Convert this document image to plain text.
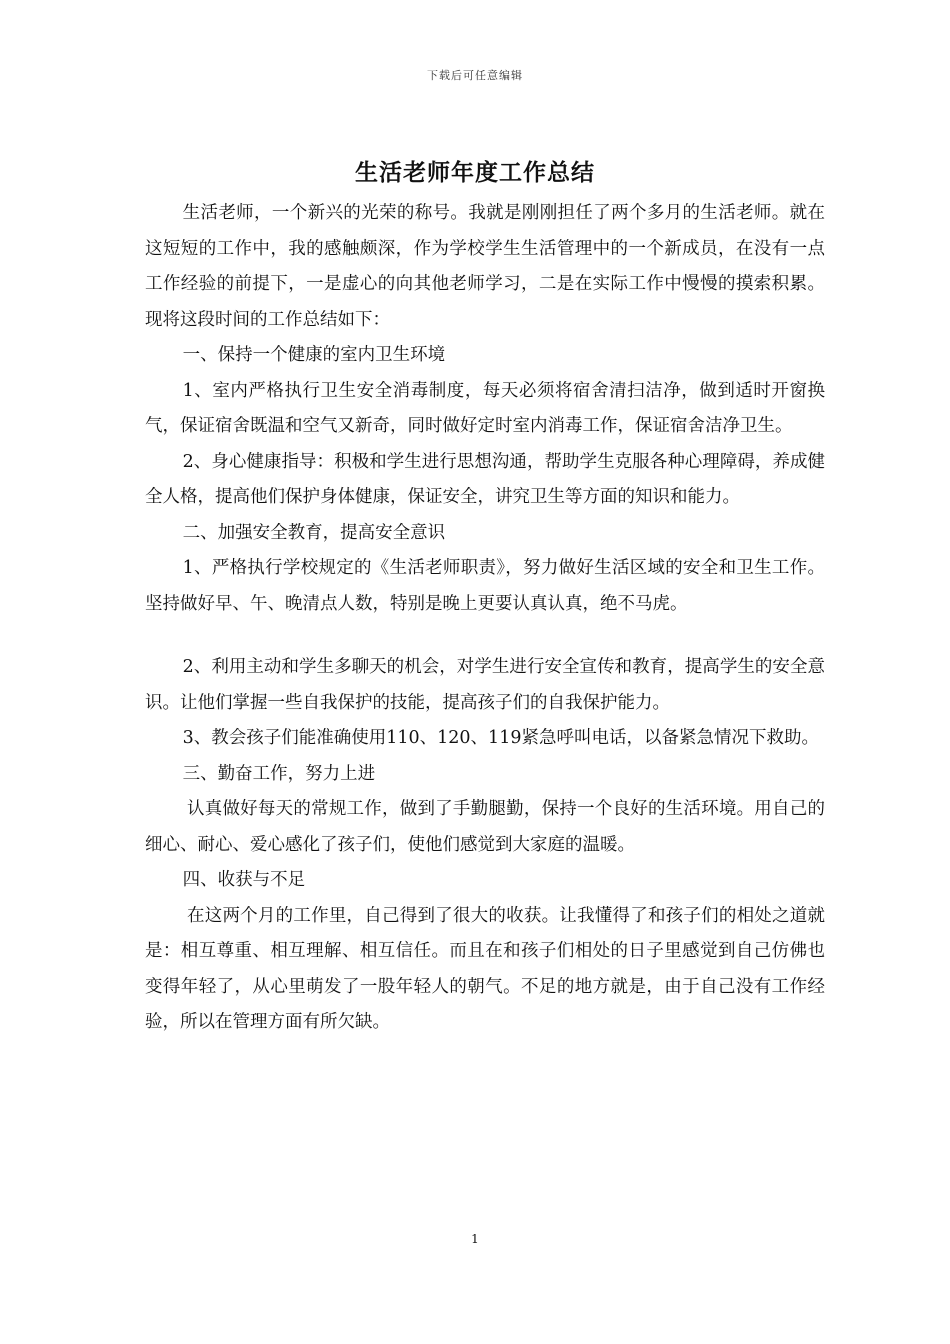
下载后可任意编辑
生活老师年度工作总结

生活老师，一个新兴的光荣的称号。我就是刚刚担任了两个多月的生活老师。就在这短短的工作中，我的感触颇深，作为学校学生生活管理中的一个新成员，在没有一点工作经验的前提下，一是虚心的向其他老师学习，二是在实际工作中慢慢的摸索积累。现将这段时间的工作总结如下：

一、保持一个健康的室内卫生环境

1、室内严格执行卫生安全消毒制度，每天必须将宿舍清扫洁净，做到适时开窗换气，保证宿舍既温和空气又新奇，同时做好定时室内消毒工作，保证宿舍洁净卫生。

2、身心健康指导：积极和学生进行思想沟通，帮助学生克服各种心理障碍，养成健全人格，提高他们保护身体健康，保证安全，讲究卫生等方面的知识和能力。

二、加强安全教育，提高安全意识

1、严格执行学校规定的《生活老师职责》，努力做好生活区域的安全和卫生工作。坚持做好早、午、晚清点人数，特别是晚上更要认真认真，绝不马虎。

2、利用主动和学生多聊天的机会，对学生进行安全宣传和教育，提高学生的安全意识。让他们掌握一些自我保护的技能，提高孩子们的自我保护能力。

3、教会孩子们能准确使用110、120、119紧急呼叫电话，以备紧急情况下救助。

三、勤奋工作，努力上进

认真做好每天的常规工作，做到了手勤腿勤，保持一个良好的生活环境。用自己的细心、耐心、爱心感化了孩子们，使他们感觉到大家庭的温暖。

四、收获与不足

在这两个月的工作里，自己得到了很大的收获。让我懂得了和孩子们的相处之道就是：相互尊重、相互理解、相互信任。而且在和孩子们相处的日子里感觉到自己仿佛也变得年轻了，从心里萌发了一股年轻人的朝气。不足的地方就是，由于自己没有工作经验，所以在管理方面有所欠缺。

1
